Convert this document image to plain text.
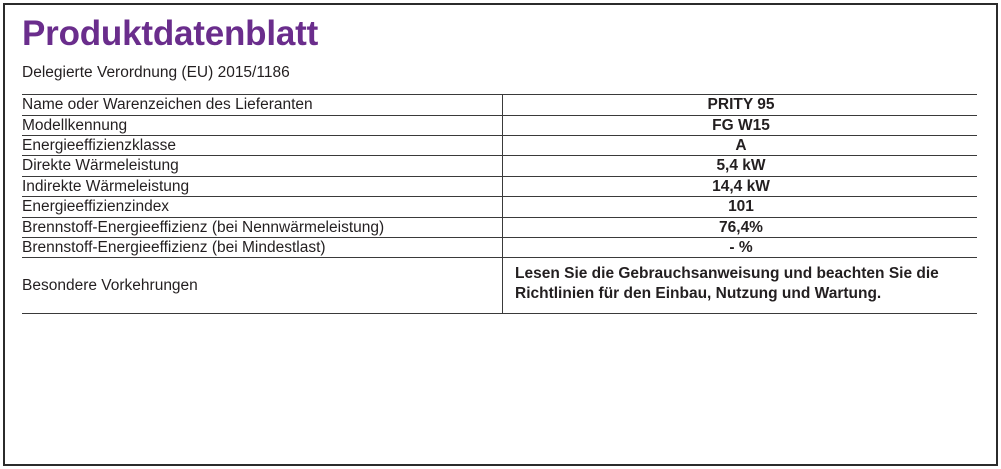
Produktdatenblatt
Delegierte Verordnung (EU) 2015/1186
Name oder Warenzeichen des Lieferanten		PRITY 95
Modellkennung		FG W15
Energieeffizienzklasse		A
Direkte Wärmeleistung		5,4 kW
Indirekte Wärmeleistung		14,4 kW
Energieeffizienzindex		101
Brennstoff-Energieeffizienz (bei Nennwärmeleistung)		76,4%
Brennstoff-Energieeffizienz (bei Mindestlast)		- %
Besondere Vorkehrungen		Lesen Sie die Gebrauchsanweisung und beachten Sie die Richtlinien für den Einbau, Nutzung und Wartung.
